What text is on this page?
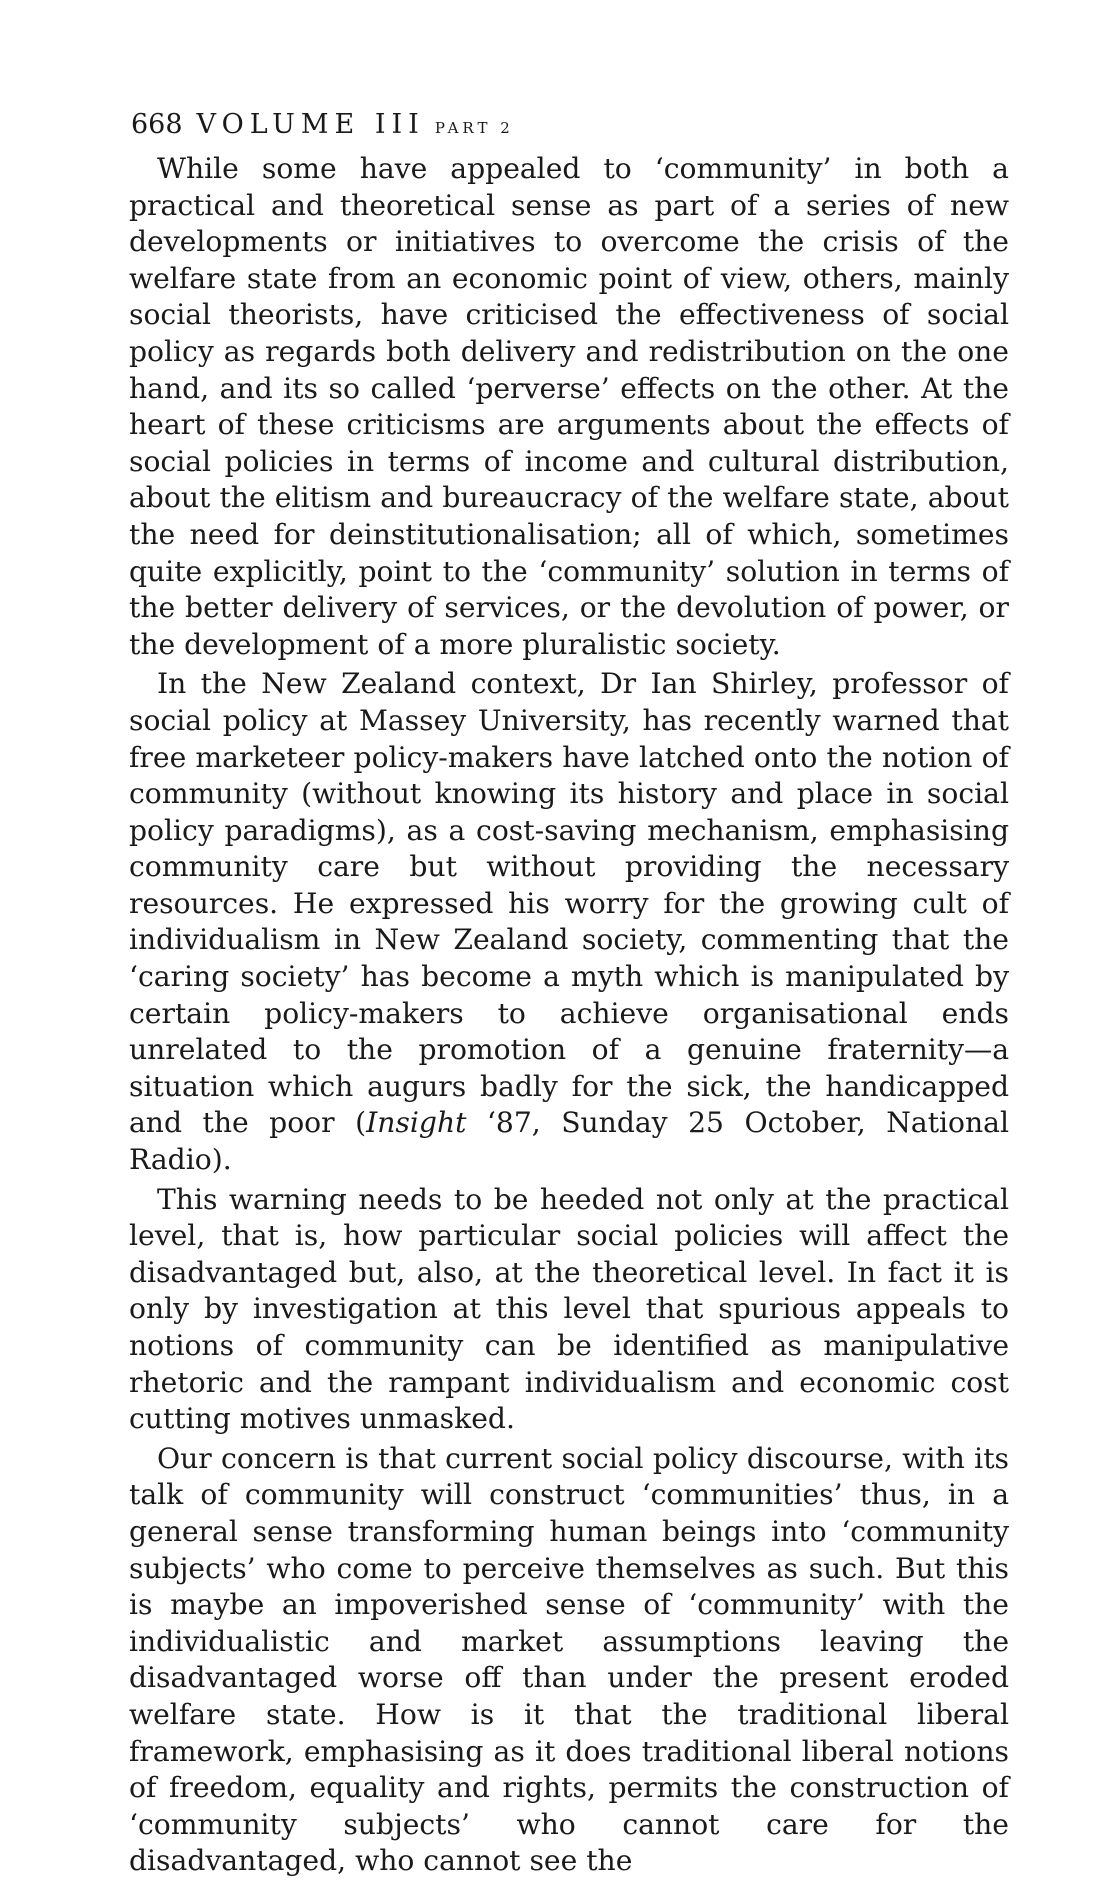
668 VOLUME III PART 2

While some have appealed to ‘community’ in both a practical and theoretical sense as part of a series of new developments or initiatives to overcome the crisis of the welfare state from an economic point of view, others, mainly social theorists, have criticised the effectiveness of social policy as regards both delivery and redistribution on the one hand, and its so called ‘perverse’ effects on the other. At the heart of these criticisms are arguments about the effects of social policies in terms of income and cultural distribution, about the elitism and bureaucracy of the welfare state, about the need for deinstitutionalisation; all of which, sometimes quite explicitly, point to the ‘community’ solution in terms of the better delivery of services, or the devolution of power, or the development of a more pluralistic society.

In the New Zealand context, Dr Ian Shirley, professor of social policy at Massey University, has recently warned that free marketeer policy-makers have latched onto the notion of community (without knowing its history and place in social policy paradigms), as a cost-saving mechanism, emphasising community care but without providing the necessary resources. He expressed his worry for the growing cult of individualism in New Zealand society, commenting that the ‘caring society’ has become a myth which is manipulated by certain policy-makers to achieve organisational ends unrelated to the promotion of a genuine fraternity—a situation which augurs badly for the sick, the handicapped and the poor (Insight ‘87, Sunday 25 October, National Radio).

This warning needs to be heeded not only at the practical level, that is, how particular social policies will affect the disadvantaged but, also, at the theoretical level. In fact it is only by investigation at this level that spurious appeals to notions of community can be identified as manipulative rhetoric and the rampant individualism and economic cost cutting motives unmasked.

Our concern is that current social policy discourse, with its talk of community will construct ‘communities’ thus, in a general sense transforming human beings into ‘community subjects’ who come to perceive themselves as such. But this is maybe an impoverished sense of ‘community’ with the individualistic and market assumptions leaving the disadvantaged worse off than under the present eroded welfare state. How is it that the traditional liberal framework, emphasising as it does traditional liberal notions of freedom, equality and rights, permits the construction of ‘community subjects’ who cannot care for the disadvantaged, who cannot see the
